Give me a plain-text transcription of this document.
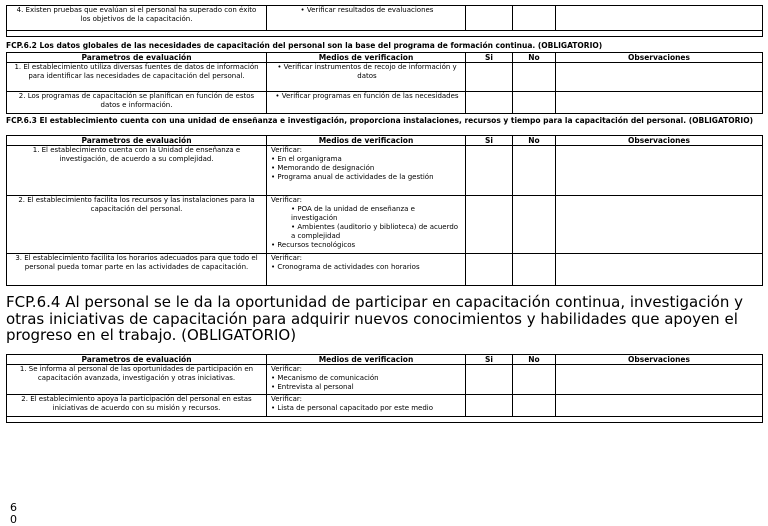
4. Existen pruebas que evalúan si el personal ha superado con éxito los objetivos de la capacitación.	• Verificar resultados de evaluaciones			

FCP.6.2 Los datos globales de las necesidades de capacitación del personal son la base del programa de formación continua. (OBLIGATORIO)
Parametros de evaluación	Medios de verificacion	Si	No	Observaciones
1. El establecimiento utiliza diversas fuentes de datos de información para identificar las necesidades de capacitación del personal.	• Verificar instrumentos de recojo de información y datos			
2. Los programas de capacitación se planifican en función de estos datos e información.	• Verificar programas en función de las necesidades			
FCP.6.3 El establecimiento cuenta con una unidad de enseñanza e investigación, proporciona instalaciones, recursos y tiempo para la capacitación del personal. (OBLIGATORIO)
Parametros de evaluación	Medios de verificacion	Si	No	Observaciones
1. El establecimiento cuenta con la Unidad de enseñanza e investigación, de acuerdo a su complejidad.	Verificar:
• En el organigrama
• Memorando de designación
• Programa anual de actividades de la gestión			

2. El establecimiento facilita los recursos y las instalaciones para la capacitación del personal.	Verificar:
• POA de la unidad de enseñanza e investigación
• Ambientes (auditorio y biblioteca) de acuerdo a complejidad
• Recursos tecnológicos			

3. El establecimiento facilita los horarios adecuados para que todo el personal pueda tomar parte en las actividades de capacitación.	Verificar:
• Cronograma de actividades con horarios			

FCP.6.4 Al personal se le da la oportunidad de participar en capacitación continua, investigación y otras iniciativas de capacitación para adquirir nuevos conocimientos y habilidades que apoyen el progreso en el trabajo. (OBLIGATORIO)
Parametros de evaluación	Medios de verificacion	Si	No	Observaciones
1. Se informa al personal de las oportunidades de participación en capacitación avanzada, investigación y otras iniciativas.	Verificar:
• Mecanismo de comunicación
• Entrevista al personal			

2. El establecimiento apoya la participación del personal en estas iniciativas de acuerdo con su misión y recursos.	Verificar:
• Lista de personal capacitado por este medio			

6
0
